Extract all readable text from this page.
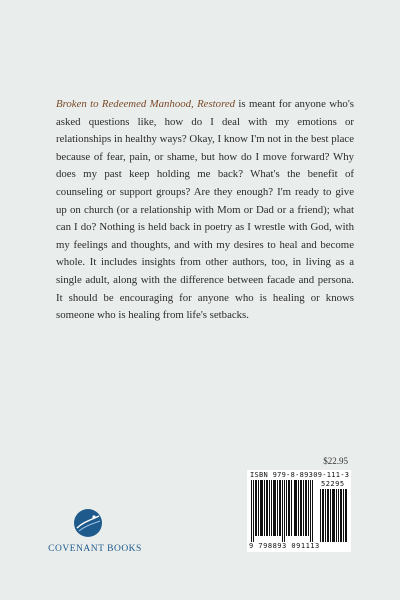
Broken to Redeemed Manhood, Restored is meant for anyone who's asked questions like, how do I deal with my emotions or relationships in healthy ways? Okay, I know I'm not in the best place because of fear, pain, or shame, but how do I move forward? Why does my past keep holding me back? What's the benefit of counseling or support groups? Are they enough? I'm ready to give up on church (or a relationship with Mom or Dad or a friend); what can I do? Nothing is held back in poetry as I wrestle with God, with my feelings and thoughts, and with my desires to heal and become whole. It includes insights from other authors, too, in living as a single adult, along with the difference between facade and persona. It should be encouraging for anyone who is healing or knows someone who is healing from life's setbacks.

$22.95
ISBN 979-8-89309-111-3
52295
9 798893 091113
COVENANT BOOKS
